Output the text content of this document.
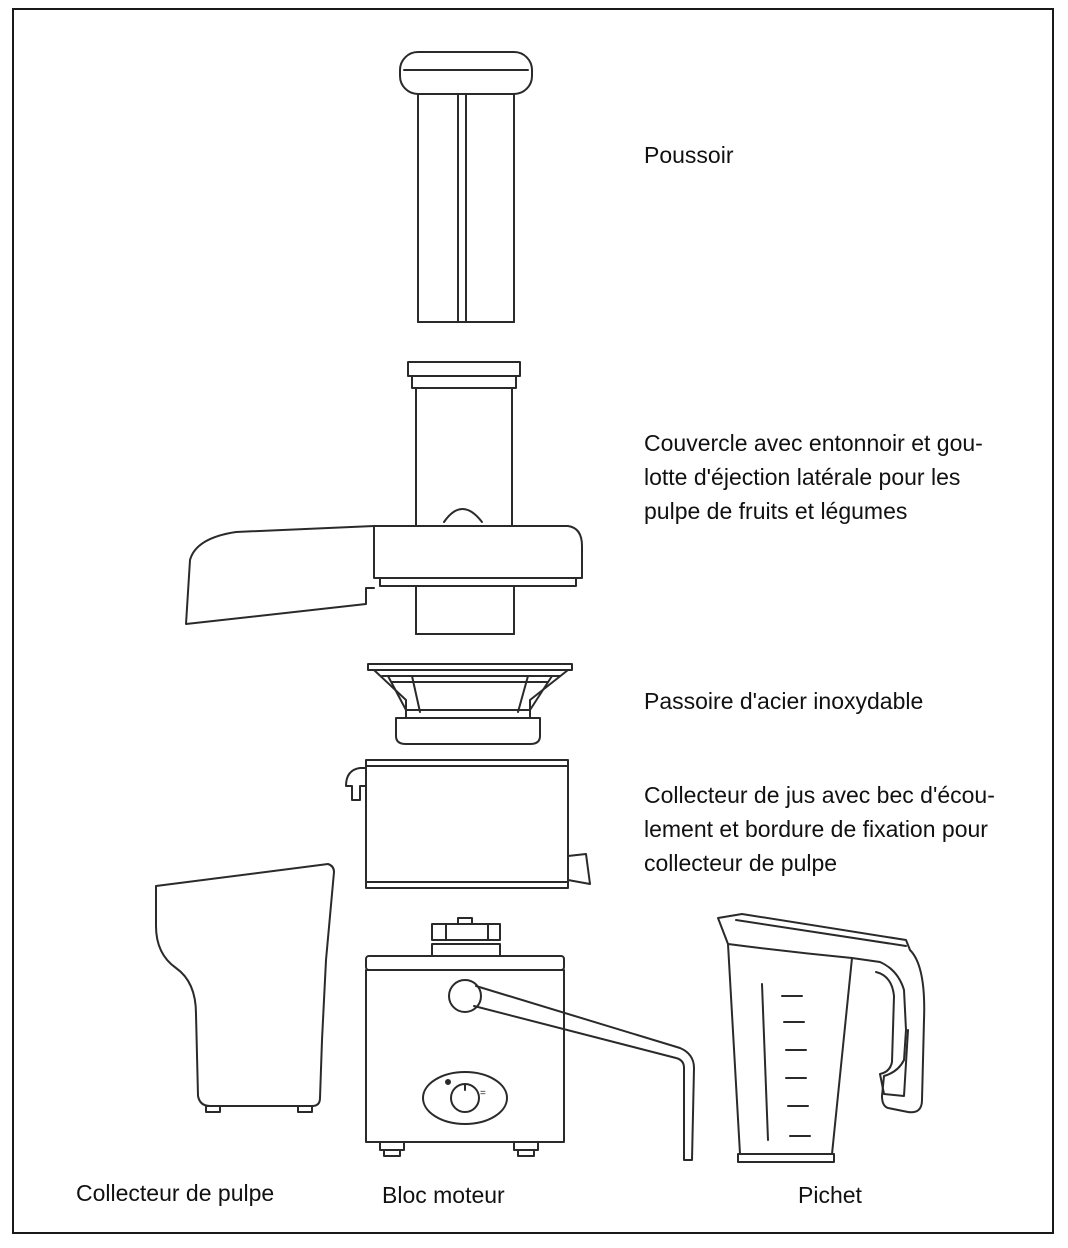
=
Poussoir
Couvercle avec entonnoir et gou-
lotte d'éjection latérale pour les
pulpe de fruits et légumes
Passoire d'acier inoxydable
Collecteur de jus avec bec d'écou-
lement et bordure de fixation pour
collecteur de pulpe
Collecteur de pulpe	Bloc moteur	Pichet
